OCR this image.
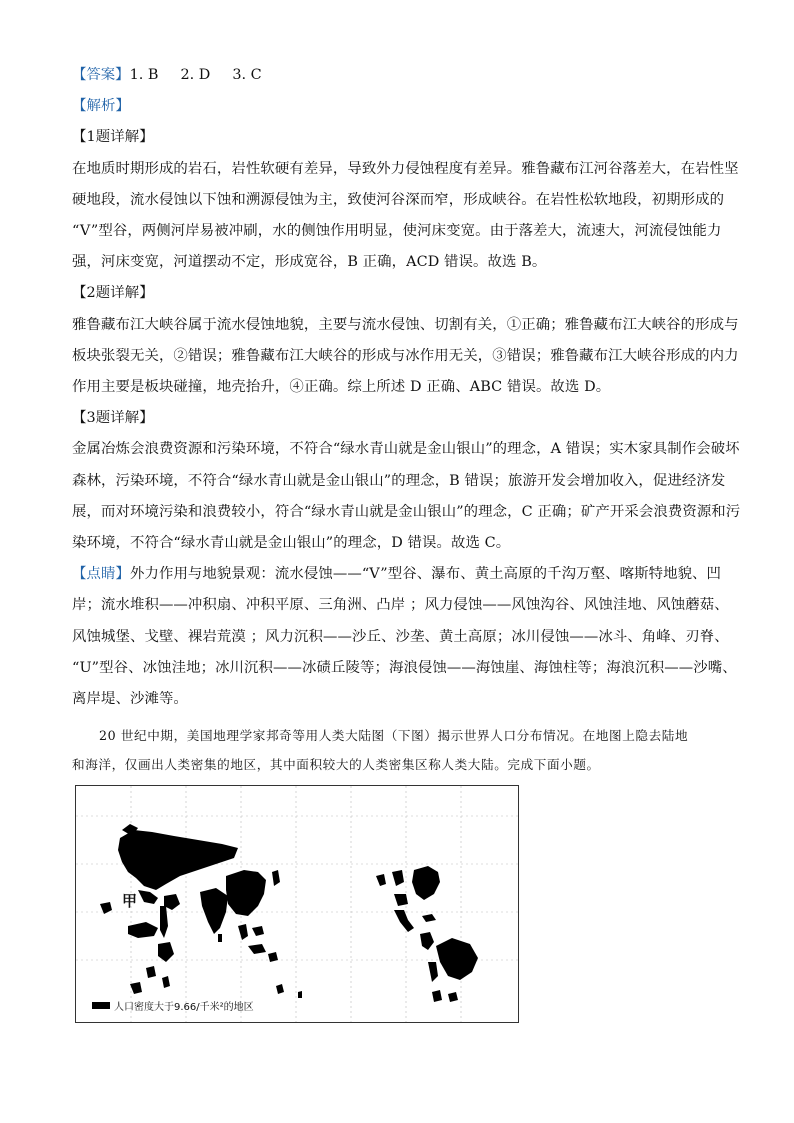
【答案】1. B 2. D 3. C
【解析】
【1题详解】
在地质时期形成的岩石，岩性软硬有差异，导致外力侵蚀程度有差异。雅鲁藏布江河谷落差大，在岩性坚
硬地段，流水侵蚀以下蚀和溯源侵蚀为主，致使河谷深而窄，形成峡谷。在岩性松软地段，初期形成的
“V”型谷，两侧河岸易被冲刷，水的侧蚀作用明显，使河床变宽。由于落差大，流速大，河流侵蚀能力
强，河床变宽，河道摆动不定，形成宽谷，B 正确，ACD 错误。故选 B。
【2题详解】
雅鲁藏布江大峡谷属于流水侵蚀地貌，主要与流水侵蚀、切割有关，①正确；雅鲁藏布江大峡谷的形成与
板块张裂无关，②错误；雅鲁藏布江大峡谷的形成与冰作用无关，③错误；雅鲁藏布江大峡谷形成的内力
作用主要是板块碰撞，地壳抬升，④正确。综上所述 D 正确、ABC 错误。故选 D。
【3题详解】
金属冶炼会浪费资源和污染环境，不符合“绿水青山就是金山银山”的理念，A 错误；实木家具制作会破坏
森林，污染环境，不符合“绿水青山就是金山银山”的理念，B 错误；旅游开发会增加收入，促进经济发
展，而对环境污染和浪费较小，符合“绿水青山就是金山银山”的理念，C 正确；矿产开采会浪费资源和污
染环境，不符合“绿水青山就是金山银山”的理念，D 错误。故选 C。
【点睛】外力作用与地貌景观：流水侵蚀——“V”型谷、瀑布、黄土高原的千沟万壑、喀斯特地貌、凹
岸；流水堆积——冲积扇、冲积平原、三角洲、凸岸 ；风力侵蚀——风蚀沟谷、风蚀洼地、风蚀蘑菇、
风蚀城堡、戈壁、裸岩荒漠 ；风力沉积——沙丘、沙垄、黄土高原；冰川侵蚀——冰斗、角峰、刃脊、
“U”型谷、冰蚀洼地；冰川沉积——冰碛丘陵等；海浪侵蚀——海蚀崖、海蚀柱等；海浪沉积——沙嘴、
离岸堤、沙滩等。
20 世纪中期，美国地理学家邦奇等用人类大陆图（下图）揭示世界人口分布情况。在地图上隐去陆地
和海洋，仅画出人类密集的地区，其中面积较大的人类密集区称人类大陆。完成下面小题。
甲
人口密度大于9.66/千米²的地区
